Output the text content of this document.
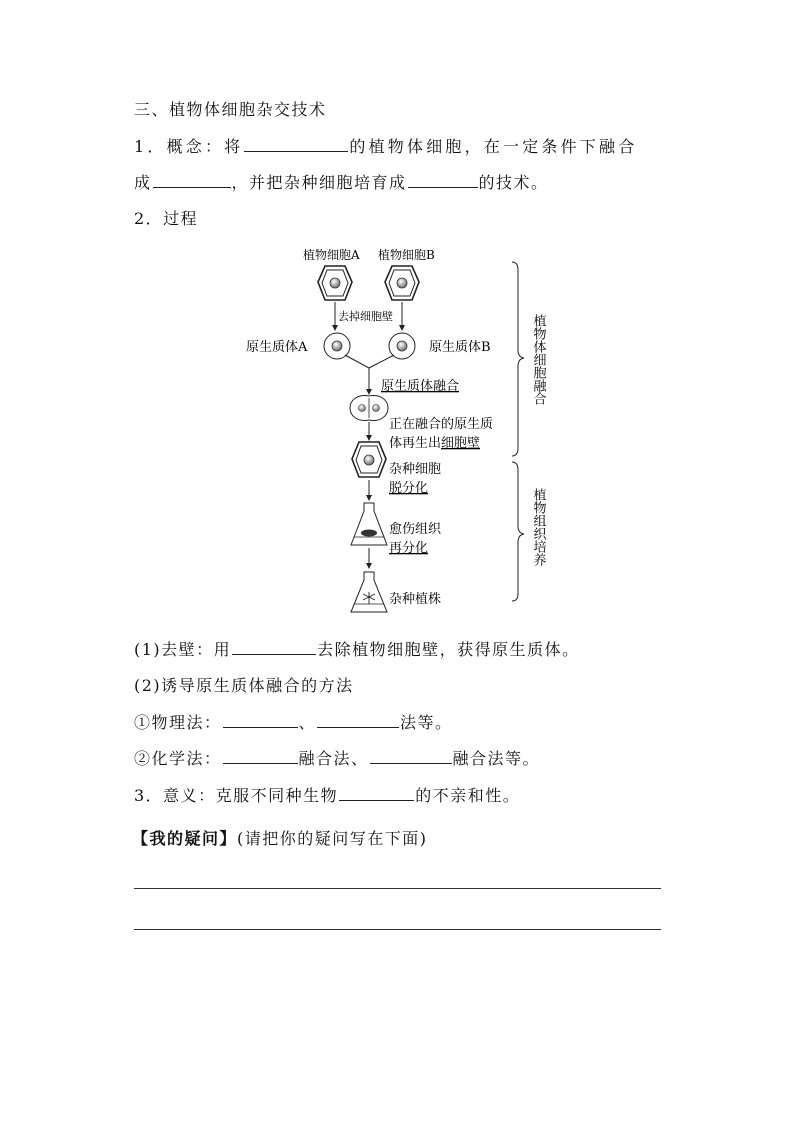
三、植物体细胞杂交技术
1．概念：将	的植物体细胞，在一定条件下融合
成	，并把杂种细胞培育成	的技术。
2．过程
植物细胞A 植物细胞B
去掉细胞壁
原生质体A	原生质体B
原生质体融合
正在融合的原生质
体再生出细胞壁
杂种细胞
脱分化
愈伤组织
再分化
杂种植株
植物体细胞融合
植物组织培养
(1)去壁：用	去除植物细胞壁，获得原生质体。
(2)诱导原生质体融合的方法
①物理法：	、	法等。
②化学法：	融合法、	融合法等。
3．意义：克服不同种生物	的不亲和性。
【我的疑问】(请把你的疑问写在下面)
